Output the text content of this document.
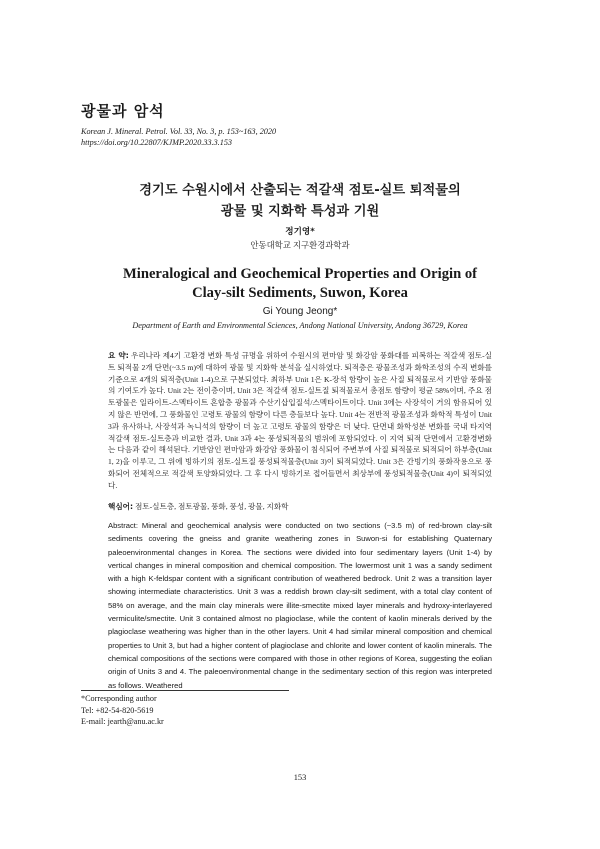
광물과 암석
Korean J. Mineral. Petrol. Vol. 33, No. 3, p. 153~163, 2020
https://doi.org/10.22807/KJMP.2020.33.3.153
경기도 수원시에서 산출되는 적갈색 점토-실트 퇴적물의
광물 및 지화학 특성과 기원
정기영*
안동대학교 지구환경과학과
Mineralogical and Geochemical Properties and Origin of
Clay-silt Sediments, Suwon, Korea
Gi Young Jeong*
Department of Earth and Environmental Sciences, Andong National University, Andong 36729, Korea
요 약: 우리나라 제4기 고환경 변화 특성 규명을 위하여 수원시의 편마암 및 화강암 풍화대를 피복하는 적갈색 점토-실트 퇴적물 2개 단면(~3.5 m)에 대하여 광물 및 지화학 분석을 실시하였다. 퇴적층은 광물조성과 화학조성의 수직 변화를 기준으로 4개의 퇴적층(Unit 1-4)으로 구분되었다. 최하부 Unit 1은 K-장석 함량이 높은 사질 퇴적물로서 기반암 풍화물의 기여도가 높다. Unit 2는 전이층이며, Unit 3은 적갈색 점토-실트질 퇴적물로서 총점토 함량이 평균 58%이며, 주요 점토광물은 일라이트-스멕타이트 혼합층 광물과 수산기삽입질석/스멕타이트이다. Unit 3에는 사장석이 거의 함유되어 있지 않은 반면에, 그 풍화물인 고령토 광물의 함량이 다른 층들보다 높다. Unit 4는 전반적 광물조성과 화학적 특성이 Unit 3과 유사하나, 사장석과 녹니석의 함량이 더 높고 고령토 광물의 함량은 더 낮다. 단면내 화학성분 변화를 국내 타지역 적갈색 점토-실트층과 비교한 결과, Unit 3과 4는 풍성퇴적물의 범위에 포함되었다. 이 지역 퇴적 단면에서 고환경변화는 다음과 같이 해석된다. 기반암인 편마암과 화강암 풍화물이 침식되어 주변부에 사질 퇴적물로 퇴적되어 하부층(Unit 1, 2)을 이루고, 그 위에 빙하기의 점토-실트질 풍성퇴적물층(Unit 3)이 퇴적되었다. Unit 3은 간빙기의 풍화작용으로 풍화되어 전체적으로 적갈색 토양화되었다. 그 후 다시 빙하기로 접어들면서 최상부에 풍성퇴적물층(Unit 4)이 퇴적되었다.
핵심어: 점토-실트층, 점토광물, 풍화, 풍성, 광물, 지화학
Abstract: Mineral and geochemical analysis were conducted on two sections (~3.5 m) of red-brown clay-silt sediments covering the gneiss and granite weathering zones in Suwon-si for establishing Quaternary paleoenvironmental changes in Korea. The sections were divided into four sedimentary layers (Unit 1-4) by vertical changes in mineral composition and chemical composition. The lowermost unit 1 was a sandy sediment with a high K-feldspar content with a significant contribution of weathered bedrock. Unit 2 was a transition layer showing intermediate characteristics. Unit 3 was a reddish brown clay-silt sediment, with a total clay content of 58% on average, and the main clay minerals were illite-smectite mixed layer minerals and hydroxy-interlayered vermiculite/smectite. Unit 3 contained almost no plagioclase, while the content of kaolin minerals derived by the plagioclase weathering was higher than in the other layers. Unit 4 had similar mineral composition and chemical properties to Unit 3, but had a higher content of plagioclase and chlorite and lower content of kaolin minerals. The chemical compositions of the sections were compared with those in other regions of Korea, suggesting the eolian origin of Units 3 and 4. The paleoenvironmental change in the sedimentary section of this region was interpreted as follows. Weathered
*Corresponding author
Tel: +82-54-820-5619
E-mail: jearth@anu.ac.kr
153
